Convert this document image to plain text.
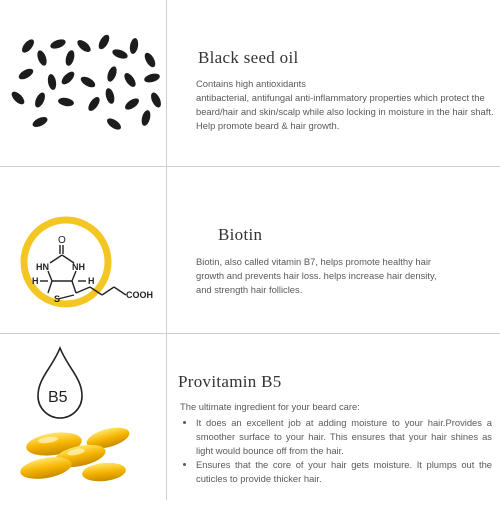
Black seed oil

Contains high antioxidants

antibacterial, antifungal anti-inflammatory properties which protect the beard/hair and skin/scalp while also locking in moisture in the hair shaft.

Help promote beard & hair growth.

O
HN	NH
H	H
S	COOH
Biotin

Biotin, also called vitamin B7, helps promote healthy hair growth and prevents hair loss. helps increase hair density, and strength hair follicles.

B5
Provitamin B5

The ultimate ingredient for your beard care:

• It does an excellent job at adding moisture to your hair.Provides a smoother surface to your hair. This ensures that your hair shines as light would bounce off from the hair.
• Ensures that the core of your hair gets moisture. It plumps out the cuticles to provide thicker hair.
